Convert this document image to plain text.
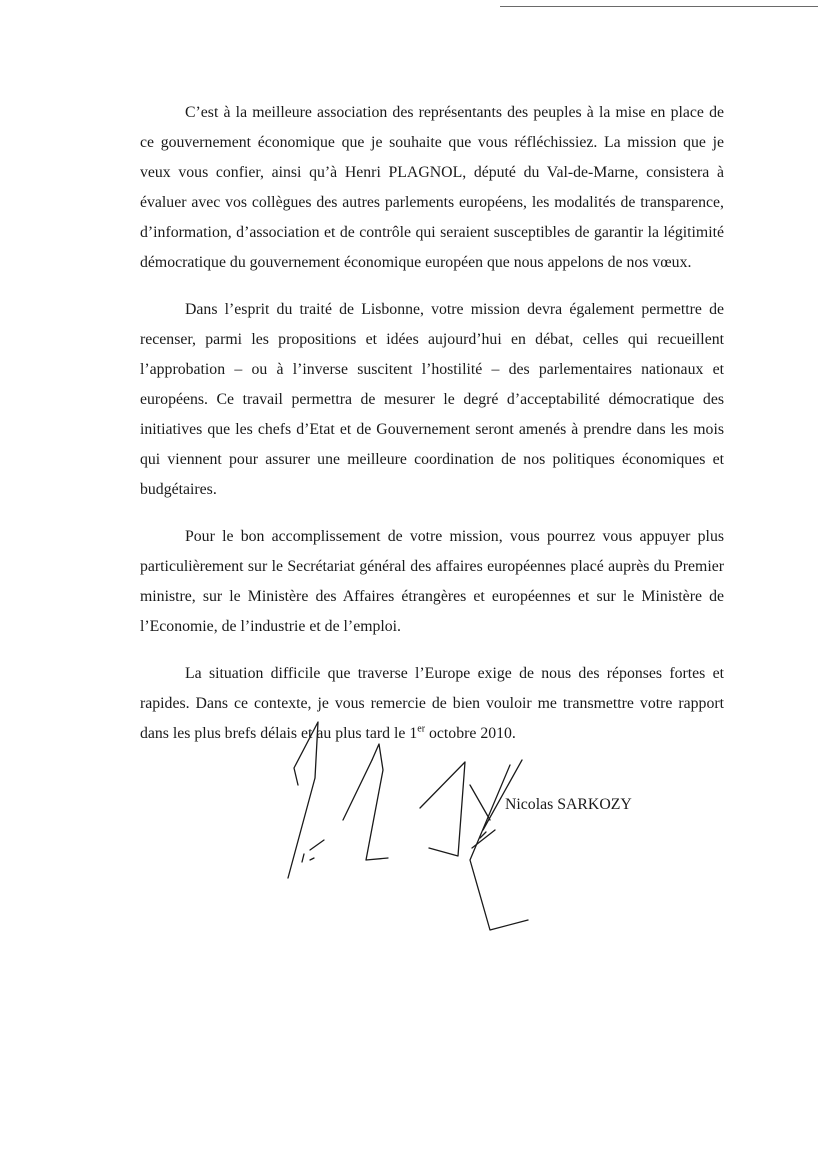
C’est à la meilleure association des représentants des peuples à la mise en place de ce gouvernement économique que je souhaite que vous réfléchissiez. La mission que je veux vous confier, ainsi qu’à Henri PLAGNOL, député du Val-de-Marne, consistera à évaluer avec vos collègues des autres parlements européens, les modalités de transparence, d’information, d’association et de contrôle qui seraient susceptibles de garantir la légitimité démocratique du gouvernement économique européen que nous appelons de nos vœux.

Dans l’esprit du traité de Lisbonne, votre mission devra également permettre de recenser, parmi les propositions et idées aujourd’hui en débat, celles qui recueillent l’approbation – ou à l’inverse suscitent l’hostilité – des parlementaires nationaux et européens. Ce travail permettra de mesurer le degré d’acceptabilité démocratique des initiatives que les chefs d’Etat et de Gouvernement seront amenés à prendre dans les mois qui viennent pour assurer une meilleure coordination de nos politiques économiques et budgétaires.

Pour le bon accomplissement de votre mission, vous pourrez vous appuyer plus particulièrement sur le Secrétariat général des affaires européennes placé auprès du Premier ministre, sur le Ministère des Affaires étrangères et européennes et sur le Ministère de l’Economie, de l’industrie et de l’emploi.

La situation difficile que traverse l’Europe exige de nous des réponses fortes et rapides. Dans ce contexte, je vous remercie de bien vouloir me transmettre votre rapport dans les plus brefs délais et au plus tard le 1er octobre 2010.

Nicolas SARKOZY
